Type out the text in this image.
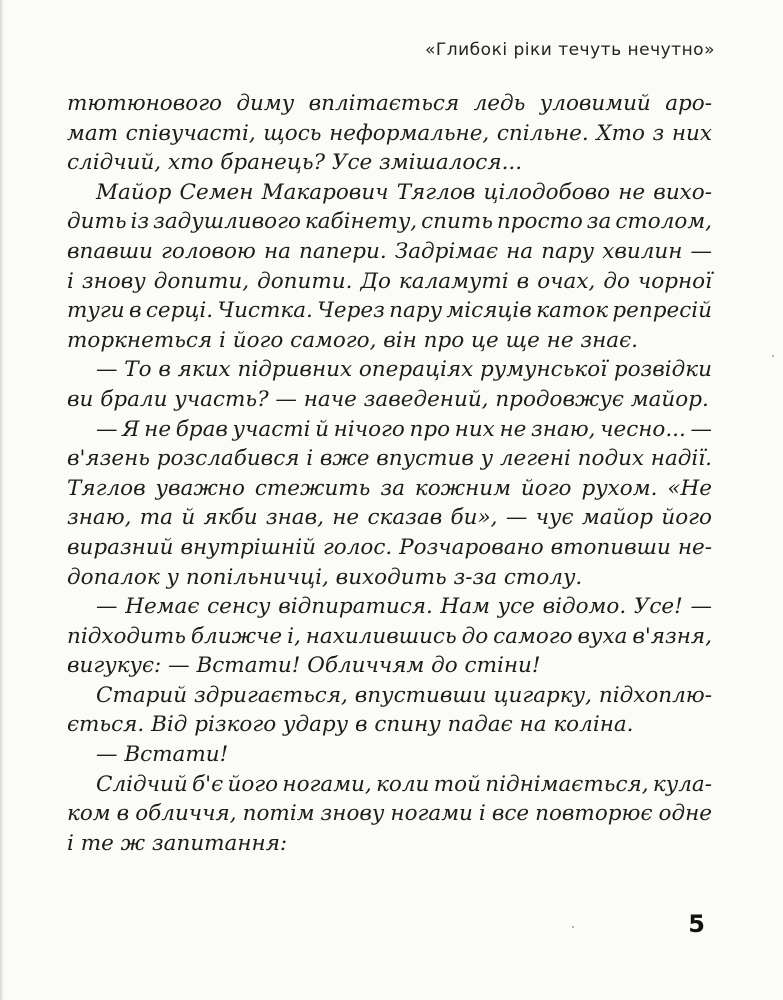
«Глибокі ріки течуть нечутно»

тютюнового диму вплітається ледь уловимий аро-

мат співучасті, щось неформальне, спільне. Хто з них

слідчий, хто бранець? Усе змішалося...

Майор Семен Макарович Тяглов цілодобово не вихо-

дить із задушливого кабінету, спить просто за столом,

впавши головою на папери. Задрімає на пару хвилин —

і знову допити, допити. До каламуті в очах, до чорної

туги в серці. Чистка. Через пару місяців каток репресій

торкнеться і його самого, він про це ще не знає.

— То в яких підривних операціях румунської розвідки

ви брали участь? — наче заведений, продовжує майор.

— Я не брав участі й нічого про них не знаю, чесно... —

в'язень розслабився і вже впустив у легені подих надії.

Тяглов уважно стежить за кожним його рухом. «Не

знаю, та й якби знав, не сказав би», — чує майор його

виразний внутрішній голос. Розчаровано втопивши не-

допалок у попільничці, виходить з-за столу.

— Немає сенсу відпиратися. Нам усе відомо. Усе! —

підходить ближче і, нахилившись до самого вуха в'язня,

вигукує: — Встати! Обличчям до стіни!

Старий здригається, впустивши цигарку, підхоплю-

ється. Від різкого удару в спину падає на коліна.

— Встати!

Слідчий б'є його ногами, коли той піднімається, кула-

ком в обличчя, потім знову ногами і все повторює одне

і те ж запитання:

5
